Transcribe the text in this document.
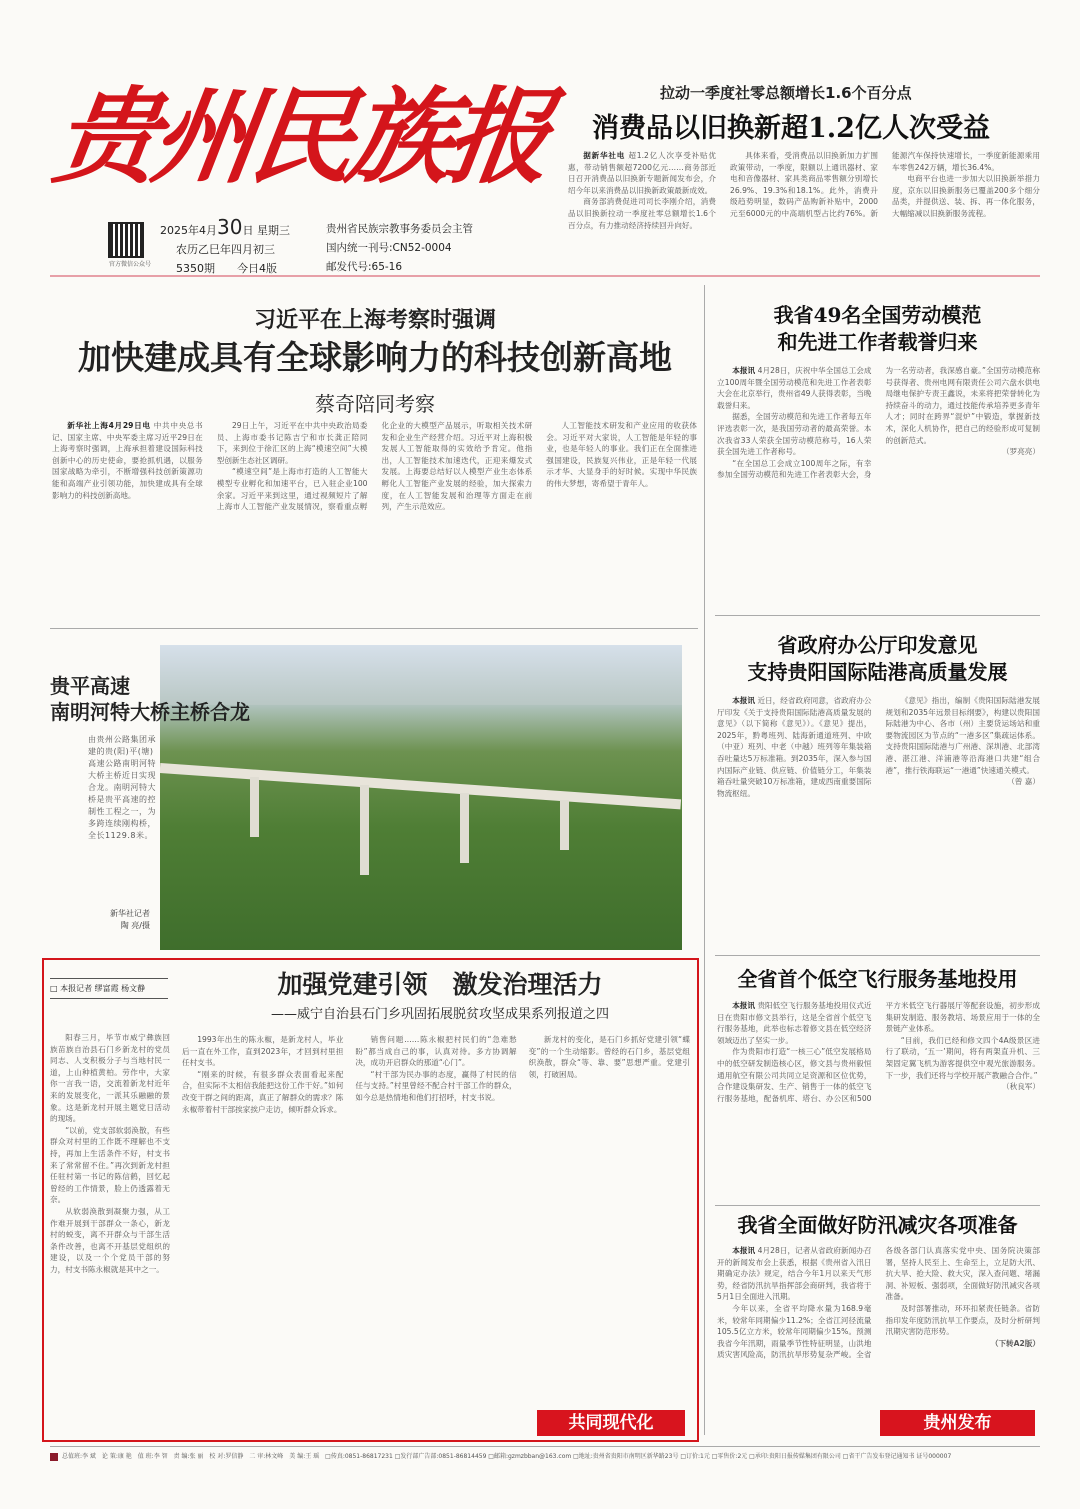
贵州民族报
官方微信公众号
2025年4月30日 星期三
农历乙巳年四月初三
5350期　　 今日4版
贵州省民族宗教事务委员会主管
国内统一刊号:CN52-0004
邮发代号:65-16
拉动一季度社零总额增长1.6个百分点
消费品以旧换新超1.2亿人次受益

据新华社电 超1.2亿人次享受补贴优惠，带动销售额超7200亿元……商务部近日召开消费品以旧换新专题新闻发布会，介绍今年以来消费品以旧换新政策最新成效。

商务部消费促进司司长李刚介绍，消费品以旧换新拉动一季度社零总额增长1.6个百分点，有力推动经济持续回升向好。

具体来看，受消费品以旧换新加力扩围政策带动，一季度，限额以上通讯器材、家电和音像器材、家具类商品零售额分别增长26.9%、19.3%和18.1%。此外，消费升级趋势明显，数码产品购新补贴中，2000元至6000元的中高端机型占比约76%。新能源汽车保持快速增长，一季度新能源乘用车零售242万辆，增长36.4%。

电商平台也进一步加大以旧换新举措力度，京东以旧换新服务已覆盖200多个细分品类，并提供送、装、拆、再一体化服务，大幅缩减以旧换新服务流程。

习近平在上海考察时强调
加快建成具有全球影响力的科技创新高地
蔡奇陪同考察

新华社上海4月29日电 中共中央总书记、国家主席、中央军委主席习近平29日在上海考察时强调，上海承担着建设国际科技创新中心的历史使命，要抢抓机遇，以服务国家战略为牵引，不断增强科技创新策源功能和高端产业引领功能，加快建成具有全球影响力的科技创新高地。

29日上午，习近平在中共中央政治局委员、上海市委书记陈吉宁和市长龚正陪同下，来到位于徐汇区的上海“模速空间”大模型创新生态社区调研。

“模速空间”是上海市打造的人工智能大模型专业孵化和加速平台，已入驻企业100余家。习近平来到这里，通过视频短片了解上海市人工智能产业发展情况，察看重点孵化企业的大模型产品展示，听取相关技术研发和企业生产经营介绍。习近平对上海积极发展人工智能取得的实效给予肯定。他指出，人工智能技术加速迭代，正迎来爆发式发展。上海要总结好以人模型产业生态体系孵化人工智能产业发展的经验，加大探索力度，在人工智能发展和治理等方面走在前列，产生示范效应。

人工智能技术研发和产业应用的收获体会。习近平对大家说，人工智能是年轻的事业，也是年轻人的事业。我们正在全面推进强国建设，民族复兴伟业，正是年轻一代展示才华、大显身手的好时候。实现中华民族的伟大梦想，寄希望于青年人。

贵平高速
南明河特大桥主桥合龙
由贵州公路集团承建的贵(阳)平(塘)高速公路南明河特大桥主桥近日实现合龙。南明河特大桥是贵平高速的控制性工程之一，为多跨连续刚构桥，全长1129.8米。
新华社记者
陶 亮/摄
我省49名全国劳动模范
和先进工作者载誉归来

本报讯 4月28日，庆祝中华全国总工会成立100周年暨全国劳动模范和先进工作者表彰大会在北京举行，贵州省49人获得表彰，当晚载誉归来。

据悉，全国劳动模范和先进工作者每五年评选表彰一次，是我国劳动者的最高荣誉。本次我省33人荣获全国劳动模范称号，16人荣获全国先进工作者称号。

“在全国总工会成立100周年之际，有幸参加全国劳动模范和先进工作者表彰大会，身为一名劳动者，我深感自豪。”全国劳动模范称号获得者、贵州电网有限责任公司六盘水供电局继电保护专责王鑫说，未来将把荣誉转化为持续奋斗的动力，通过技能传承培养更多青年人才；同时在跨界“混炉”中锻造，掌握新技术，深化人机协作，把自己的经验形成可复制的创新范式。

（罗亮亮）

省政府办公厅印发意见
支持贵阳国际陆港高质量发展

本报讯 近日，经省政府同意，省政府办公厅印发《关于支持贵阳国际陆港高质量发展的意见》（以下简称《意见》）。《意见》提出，2025年，黔粤班列、陆海新通道班列、中欧（中亚）班列、中老（中越）班列等年集装箱吞吐量达5万标准箱。到2035年，深入参与国内国际产业链、供应链、价值链分工，年集装箱吞吐量突破10万标准箱，建成西南重要国际物流枢纽。

《意见》指出，编制《贵阳国际陆港发展规划和2035年远景目标纲要》，构建以贵阳国际陆港为中心、各市（州）主要货运场站和重要物流园区为节点的“一港多区”集疏运体系。支持贵阳国际陆港与广州港、深圳港、北部湾港、湛江港、洋浦港等沿海港口共建“组合港”，推行铁海联运“一港通”快速通关模式。

（曾 嘉）

全省首个低空飞行服务基地投用

本报讯 贵阳低空飞行服务基地投用仪式近日在贵阳市修文县举行，这是全省首个低空飞行服务基地，此举也标志着修文县在低空经济领域迈出了坚实一步。

作为贵阳市打造“一核三心”低空发展格局中的低空研发制造核心区，修文县与贵州毅恒通用航空有限公司共同立足资源和区位优势，合作建设集研发、生产、销售于一体的低空飞行服务基地，配备机库、塔台、办公区和500平方米低空飞行器展厅等配套设施，初步形成集研发制造、服务教培、场景应用于一体的全景链产业体系。

“目前，我们已经和修文四个4A级景区进行了联动，‘五一’期间，将有两架直升机、三架固定翼飞机为游客提供空中观光旅游服务。下一步，我们还将与学校开展产教融合合作。”

（秋良军）

我省全面做好防汛减灾各项准备

本报讯 4月28日，记者从省政府新闻办召开的新闻发布会上获悉，根据《贵州省入汛日期确定办法》规定，结合今年1月以来天气形势，经省防汛抗旱指挥部会商研判，我省将于5月1日全面进入汛期。

今年以来，全省平均降水量为168.9毫米，较常年同期偏少11.2%；全省江河径流量105.5亿立方米，较常年同期偏少15%。预测我省今年汛期，雨量季节性特征明显，山洪地质灾害风险高，防汛抗旱形势复杂严峻。全省各级各部门认真落实党中央、国务院决策部署，坚持人民至上、生命至上，立足防大汛、抗大旱、抢大险、救大灾，深入查问题、堵漏洞、补短板、强弱项，全面做好防汛减灾各项准备。

及时部署推动，环环扣紧责任链条。省防指印发年度防汛抗旱工作要点，及时分析研判汛期灾害防范形势。

（下转A2版）

贵州发布
□ 本报记者 缪富霞 杨文静	加强党建引领　激发治理活力
——威宁自治县石门乡巩固拓展脱贫攻坚成果系列报道之四

阳春三月，毕节市威宁彝族回族苗族自治县石门乡新龙村的党员同志、人支积极分子与当地村民一道，上山种植黄柏。劳作中，大家你一言我一语，交流着新龙村近年来的发展变化，一派其乐融融的景象。这是新龙村开展主题党日活动的现场。

“以前，党支部软弱涣散，有些群众对村里的工作既不理解也不支持，再加上生活条件不好，村支书来了常常留不住。”再次到新龙村担任驻村第一书记的陈信鹤，回忆起曾经的工作情景，脸上仍透露着无奈。

从软弱涣散到凝聚力强，从工作难开展到干部群众一条心，新龙村的蜕变，离不开群众与干部生活条件改善，也离不开基层党组织的建设，以及一个个党员干部的努力，村支书陈永椒就是其中之一。

1993年出生的陈永椒，是新龙村人，毕业后一直在外工作，直到2023年，才回到村里担任村支书。

“刚来的时候，有很多群众表面看起来配合，但实际不太相信我能把这份工作干好。”如何改变干群之间的距离，真正了解群众的需求？陈永椒带着村干部挨家挨户走访，倾听群众诉求。

销售问题……陈永椒把村民们的“急难愁盼”都当成自己的事，认真对待。多方协调解决，成功开启群众的那道“心门”。

“村干部为民办事的态度，赢得了村民的信任与支持。”村里曾经不配合村干部工作的群众，如今总是热情地和他们打招呼，村支书说。

新龙村的变化，是石门乡抓好党建引领“蝶变”的一个生动缩影。曾经的石门乡，基层党组织涣散，群众“等、靠、要”思想严重。党建引领，打破困局。

共同现代化
总值班:李 斌　论 策:康 艳　值 班:李 智　责 编:张 丽　校 对:罗信静　二 审:林文峰　美 编:王 瑶　 □传真:0851-86817231 □发行部广告部:0851-86814459 □邮箱:gzmzbban@163.com □地址:贵州省贵阳市南明区新华路23号 □订价:1元 □零售价:2元 □承印:贵阳日报传媒集团有限公司 □省干广告发布登记通知书 证号000007
